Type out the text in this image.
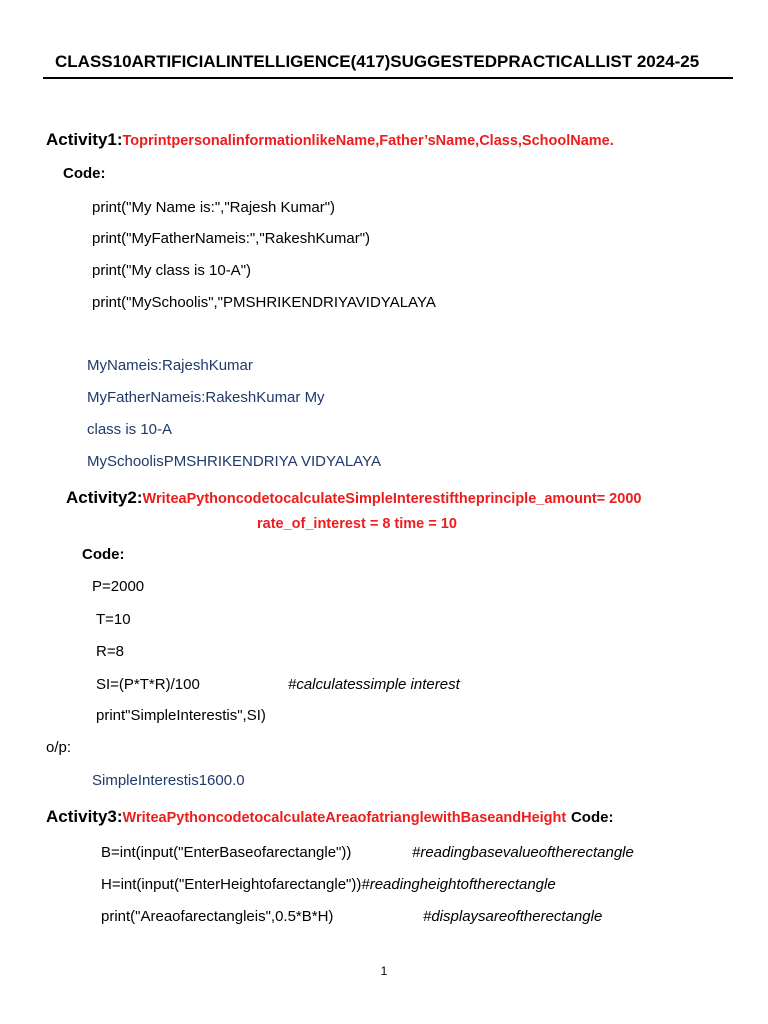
CLASS10ARTIFICIALINTELLIGENCE(417)SUGGESTEDPRACTICALLIST 2024-25
Activity1:ToprintpersonalinformationlikeName,Father’sName,Class,SchoolName.
Code:
print("My Name is:","Rajesh Kumar")
print("MyFatherNameis:","RakeshKumar")
print("My class is 10-A")
print("MySchoolis","PMSHRIKENDRIYAVIDYALAYA
MyNameis:RajeshKumar
MyFatherNameis:RakeshKumar My
class is 10-A
MySchoolisPMSHRIKENDRIYA VIDYALAYA
Activity2:WriteaPythoncodetocalculateSimpleInterestiftheprinciple_amount= 2000
rate_of_interest = 8 time = 10
Code:
P=2000
T=10
R=8
SI=(P*T*R)/100	#calculatessimple interest
print"SimpleInterestis",SI)
o/p:
SimpleInterestis1600.0
Activity3:WriteaPythoncodetocalculateAreaofatrianglewithBaseandHeight Code:
B=int(input("EnterBaseofarectangle"))	#readingbasevalueoftherectangle
H=int(input("EnterHeightofarectangle"))#readingheightoftherectangle
print("Areaofarectangleis",0.5*B*H)	#displaysareoftherectangle
1
